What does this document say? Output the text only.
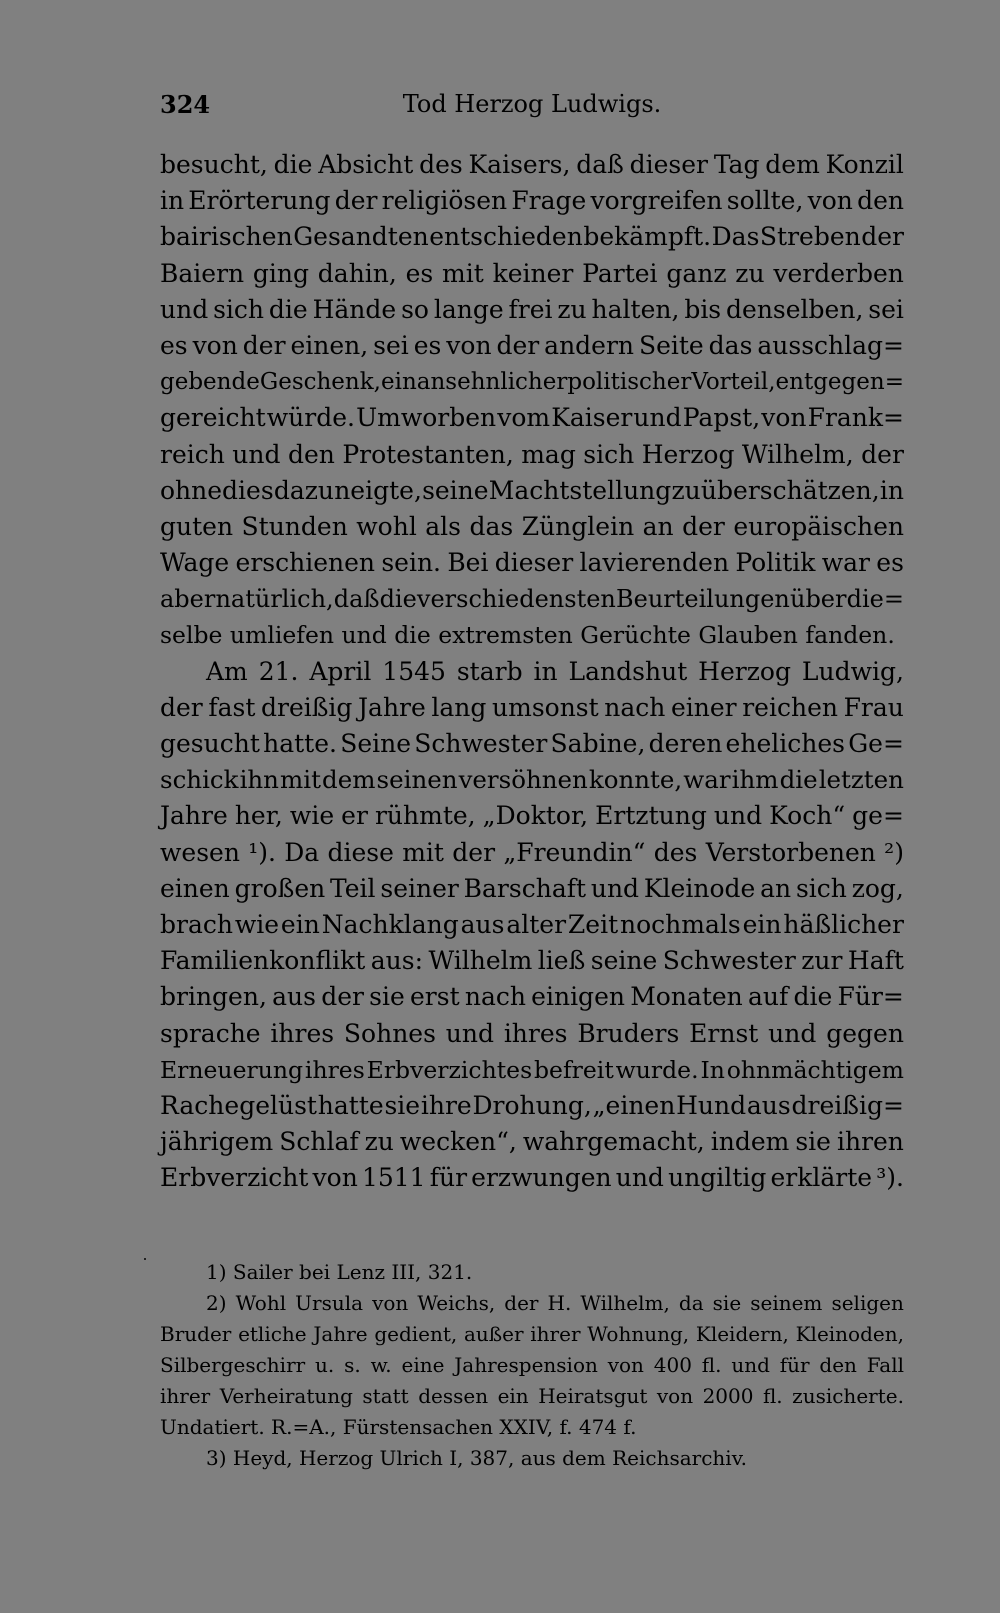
324	Tod Herzog Ludwigs.
besucht, die Absicht des Kaisers, daß dieser Tag dem Konzil
in Erörterung der religiösen Frage vorgreifen sollte, von den
bairischen Gesandten entschieden bekämpft. Das Streben der
Baiern ging dahin, es mit keiner Partei ganz zu verderben
und sich die Hände so lange frei zu halten, bis denselben, sei
es von der einen, sei es von der andern Seite das ausschlag=
gebende Geschenk, ein ansehnlicher politischer Vorteil, entgegen=
gereicht würde. Umworben vom Kaiser und Papst, von Frank=
reich und den Protestanten, mag sich Herzog Wilhelm, der
ohnedies dazu neigte, seine Machtstellung zu überschätzen, in
guten Stunden wohl als das Zünglein an der europäischen
Wage erschienen sein. Bei dieser lavierenden Politik war es
aber natürlich, daß die verschiedensten Beurteilungen über die=
selbe umliefen und die extremsten Gerüchte Glauben fanden.
Am 21. April 1545 starb in Landshut Herzog Ludwig,
der fast dreißig Jahre lang umsonst nach einer reichen Frau
gesucht hatte. Seine Schwester Sabine, deren eheliches Ge=
schick ihn mit dem seinen versöhnen konnte, war ihm die letzten
Jahre her, wie er rühmte, „Doktor, Ertztung und Koch“ ge=
wesen ¹). Da diese mit der „Freundin“ des Verstorbenen ²)
einen großen Teil seiner Barschaft und Kleinode an sich zog,
brach wie ein Nachklang aus alter Zeit nochmals ein häßlicher
Familienkonflikt aus: Wilhelm ließ seine Schwester zur Haft
bringen, aus der sie erst nach einigen Monaten auf die Für=
sprache ihres Sohnes und ihres Bruders Ernst und gegen
Erneuerung ihres Erbverzichtes befreit wurde. In ohnmächtigem
Rachegelüst hatte sie ihre Drohung, „einen Hund aus dreißig=
jährigem Schlaf zu wecken“, wahrgemacht, indem sie ihren
Erbverzicht von 1511 für erzwungen und ungiltig erklärte ³).
1) Sailer bei Lenz III, 321.
2) Wohl Ursula von Weichs, der H. Wilhelm, da sie seinem seligen
Bruder etliche Jahre gedient, außer ihrer Wohnung, Kleidern, Kleinoden,
Silbergeschirr u. s. w. eine Jahrespension von 400 fl. und für den Fall
ihrer Verheiratung statt dessen ein Heiratsgut von 2000 fl. zusicherte.
Undatiert. R.=A., Fürstensachen XXIV, f. 474 f.
3) Heyd, Herzog Ulrich I, 387, aus dem Reichsarchiv.
